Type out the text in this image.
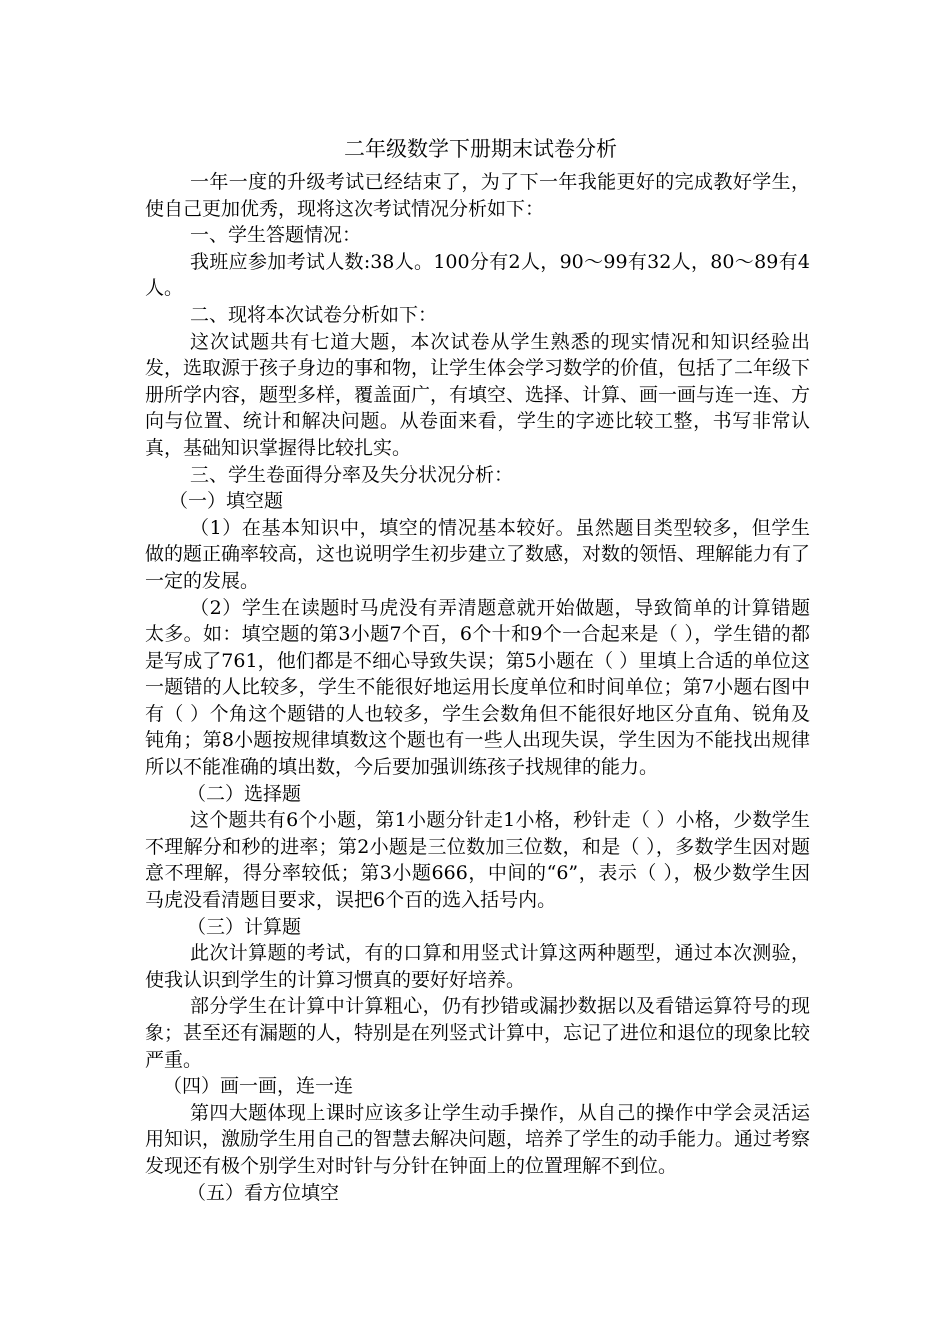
二年级数学下册期末试卷分析

一年一度的升级考试已经结束了，为了下一年我能更好的完成教好学生，使自己更加优秀，现将这次考试情况分析如下：

一、学生答题情况：

我班应参加考试人数:38人。100分有2人，90～99有32人，80～89有4人。

二、现将本次试卷分析如下：

这次试题共有七道大题，本次试卷从学生熟悉的现实情况和知识经验出发，选取源于孩子身边的事和物，让学生体会学习数学的价值，包括了二年级下册所学内容，题型多样，覆盖面广，有填空、选择、计算、画一画与连一连、方向与位置、统计和解决问题。从卷面来看，学生的字迹比较工整，书写非常认真，基础知识掌握得比较扎实。

三、学生卷面得分率及失分状况分析：

（一）填空题

（1）在基本知识中，填空的情况基本较好。虽然题目类型较多，但学生做的题正确率较高，这也说明学生初步建立了数感，对数的领悟、理解能力有了一定的发展。

（2）学生在读题时马虎没有弄清题意就开始做题，导致简单的计算错题太多。如：填空题的第3小题7个百，6个十和9个一合起来是（ ），学生错的都是写成了761，他们都是不细心导致失误；第5小题在（ ）里填上合适的单位这一题错的人比较多，学生不能很好地运用长度单位和时间单位；第7小题右图中有（ ）个角这个题错的人也较多，学生会数角但不能很好地区分直角、锐角及钝角；第8小题按规律填数这个题也有一些人出现失误，学生因为不能找出规律所以不能准确的填出数，今后要加强训练孩子找规律的能力。

（二）选择题

这个题共有6个小题，第1小题分针走1小格，秒针走（ ）小格，少数学生不理解分和秒的进率；第2小题是三位数加三位数，和是（ ），多数学生因对题意不理解，得分率较低；第3小题666，中间的“6”，表示（ ），极少数学生因马虎没看清题目要求，误把6个百的选入括号内。

（三）计算题

此次计算题的考试，有的口算和用竖式计算这两种题型，通过本次测验，使我认识到学生的计算习惯真的要好好培养。

部分学生在计算中计算粗心，仍有抄错或漏抄数据以及看错运算符号的现象；甚至还有漏题的人，特别是在列竖式计算中，忘记了进位和退位的现象比较严重。

（四）画一画，连一连

第四大题体现上课时应该多让学生动手操作，从自己的操作中学会灵活运用知识，激励学生用自己的智慧去解决问题，培养了学生的动手能力。通过考察发现还有极个别学生对时针与分针在钟面上的位置理解不到位。

（五）看方位填空
